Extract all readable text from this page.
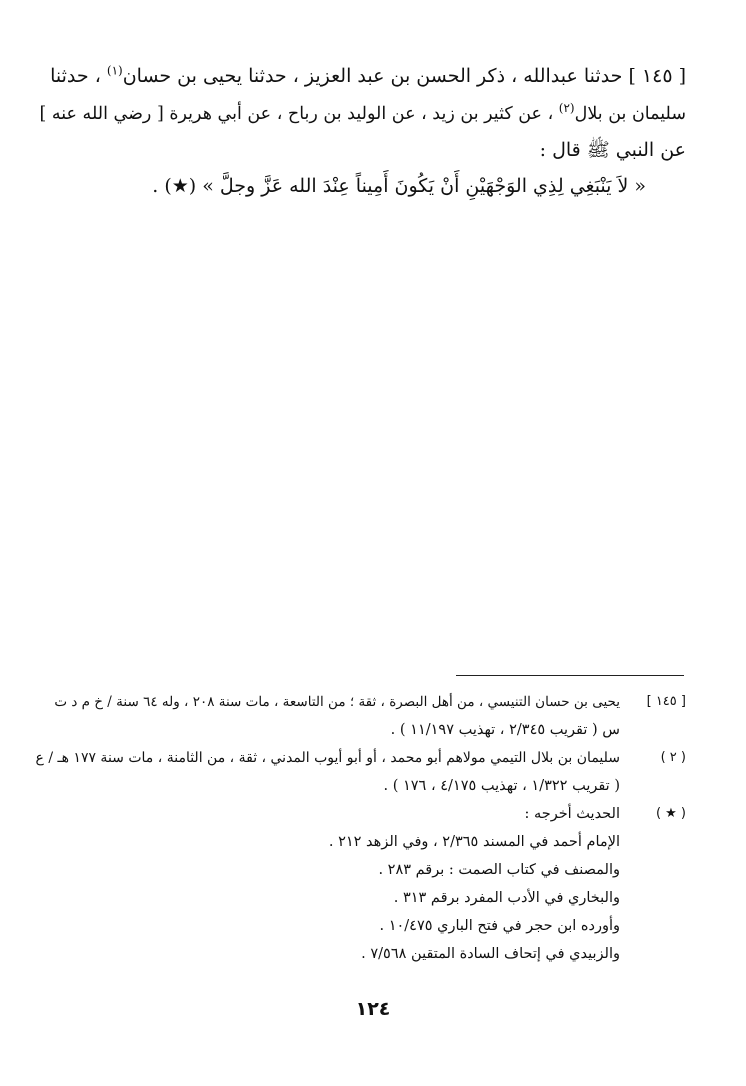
[ ١٤٥ ] حدثنا عبدالله ، ذكر الحسن بن عبد العزيز ، حدثنا يحيى بن حسان$^{(١)}$ ، حدثنا
سليمان بن بلال$^{(٢)}$ ، عن كثير بن زيد ، عن الوليد بن رباح ، عن أبي هريرة [ رضي الله عنه ]
عن النبي ﷺ قال :
« لاَ يَنْبَغِي لِذِي الوَجْهَيْنِ أَنْ يَكُونَ أَمِيناً عِنْدَ الله عَزَّ وجلَّ » (★) .
[ ١٤٥ ]
يحيى بن حسان التنيسي ، من أهل البصرة ، ثقة ؛ من التاسعة ، مات سنة ٢٠٨ ، وله ٦٤ سنة / خ م د ت
س ( تقريب ٢/٣٤٥ ، تهذيب ١١/١٩٧ ) .
( ٢ )
سليمان بن بلال التيمي مولاهم أبو محمد ، أو أبو أيوب المدني ، ثقة ، من الثامنة ، مات سنة ١٧٧ هـ / ع
( تقريب ١/٣٢٢ ، تهذيب ٤/١٧٥ ، ١٧٦ ) .
( ★ )
الحديث أخرجه :
الإمام أحمد في المسند ٢/٣٦٥ ، وفي الزهد ٢١٢ .
والمصنف في كتاب الصمت : برقم ٢٨٣ .
والبخاري في الأدب المفرد برقم ٣١٣ .
وأورده ابن حجر في فتح الباري ١٠/٤٧٥ .
والزبيدي في إتحاف السادة المتقين ٧/٥٦٨ .
١٢٤
